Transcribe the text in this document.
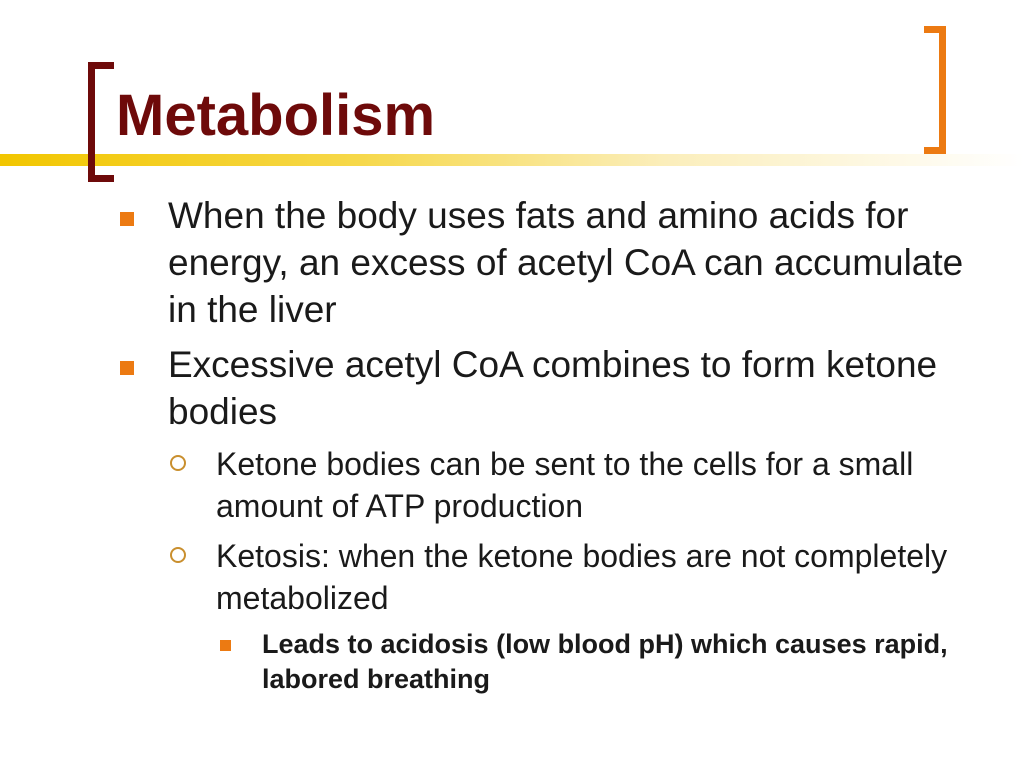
Metabolism
When the body uses fats and amino acids for energy, an excess of acetyl CoA can accumulate in the liver
Excessive acetyl CoA combines to form ketone bodies
Ketone bodies can be sent to the cells for a small amount of ATP production
Ketosis: when the ketone bodies are not completely metabolized
Leads to acidosis (low blood pH) which causes rapid, labored breathing
